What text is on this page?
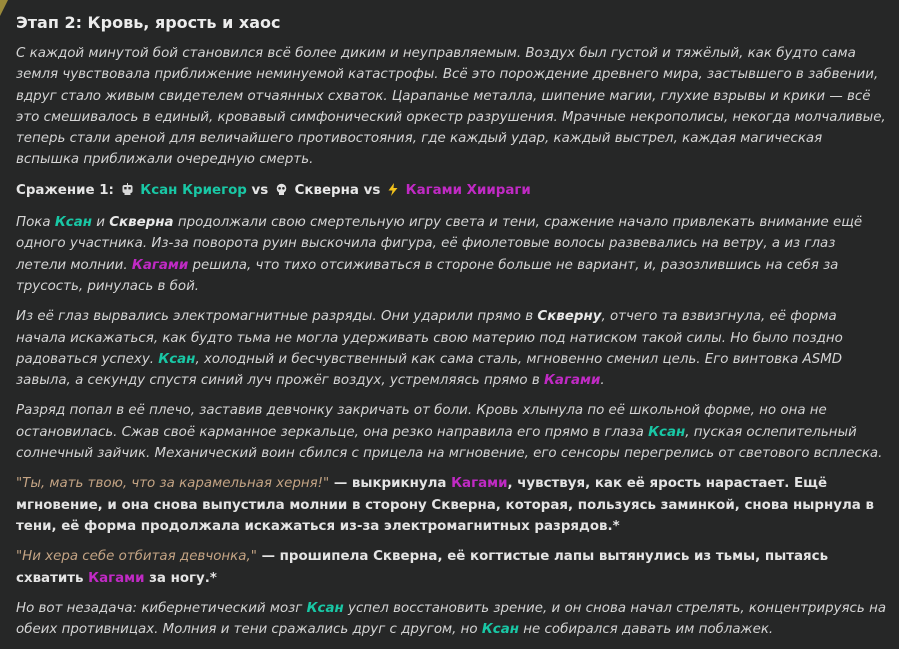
Этап 2: Кровь, ярость и хаос

С каждой минутой бой становился всё более диким и неуправляемым. Воздух был густой и тяжёлый, как будто сама земля чувствовала приближение неминуемой катастрофы. Всё это порождение древнего мира, застывшего в забвении, вдруг стало живым свидетелем отчаянных схваток. Царапанье металла, шипение магии, глухие взрывы и крики — всё это смешивалось в единый, кровавый симфонический оркестр разрушения. Мрачные некрополисы, некогда молчаливые, теперь стали ареной для величайшего противостояния, где каждый удар, каждый выстрел, каждая магическая вспышка приближали очередную смерть.

Сражение 1: Ксан Криегор vs Скверна vs Кагами Хиираги

Пока Ксан и Скверна продолжали свою смертельную игру света и тени, сражение начало привлекать внимание ещё одного участника. Из-за поворота руин выскочила фигура, её фиолетовые волосы развевались на ветру, а из глаз летели молнии. Кагами решила, что тихо отсиживаться в стороне больше не вариант, и, разозлившись на себя за трусость, ринулась в бой.

Из её глаз вырвались электромагнитные разряды. Они ударили прямо в Скверну, отчего та взвизгнула, её форма начала искажаться, как будто тьма не могла удерживать свою материю под натиском такой силы. Но было поздно радоваться успеху. Ксан, холодный и бесчувственный как сама сталь, мгновенно сменил цель. Его винтовка ASMD завыла, а секунду спустя синий луч прожёг воздух, устремляясь прямо в Кагами.

Разряд попал в её плечо, заставив девчонку закричать от боли. Кровь хлынула по её школьной форме, но она не остановилась. Сжав своё карманное зеркальце, она резко направила его прямо в глаза Ксан, пуская ослепительный солнечный зайчик. Механический воин сбился с прицела на мгновение, его сенсоры перегрелись от светового всплеска.

"Ты, мать твою, что за карамельная херня!" — выкрикнула Кагами, чувствуя, как её ярость нарастает. Ещё мгновение, и она снова выпустила молнии в сторону Скверна, которая, пользуясь заминкой, снова нырнула в тени, её форма продолжала искажаться из-за электромагнитных разрядов.*

"Ни хера себе отбитая девчонка," — прошипела Скверна, её когтистые лапы вытянулись из тьмы, пытаясь схватить Кагами за ногу.*

Но вот незадача: кибернетический мозг Ксан успел восстановить зрение, и он снова начал стрелять, концентрируясь на обеих противницах. Молния и тени сражались друг с другом, но Ксан не собирался давать им поблажек.
